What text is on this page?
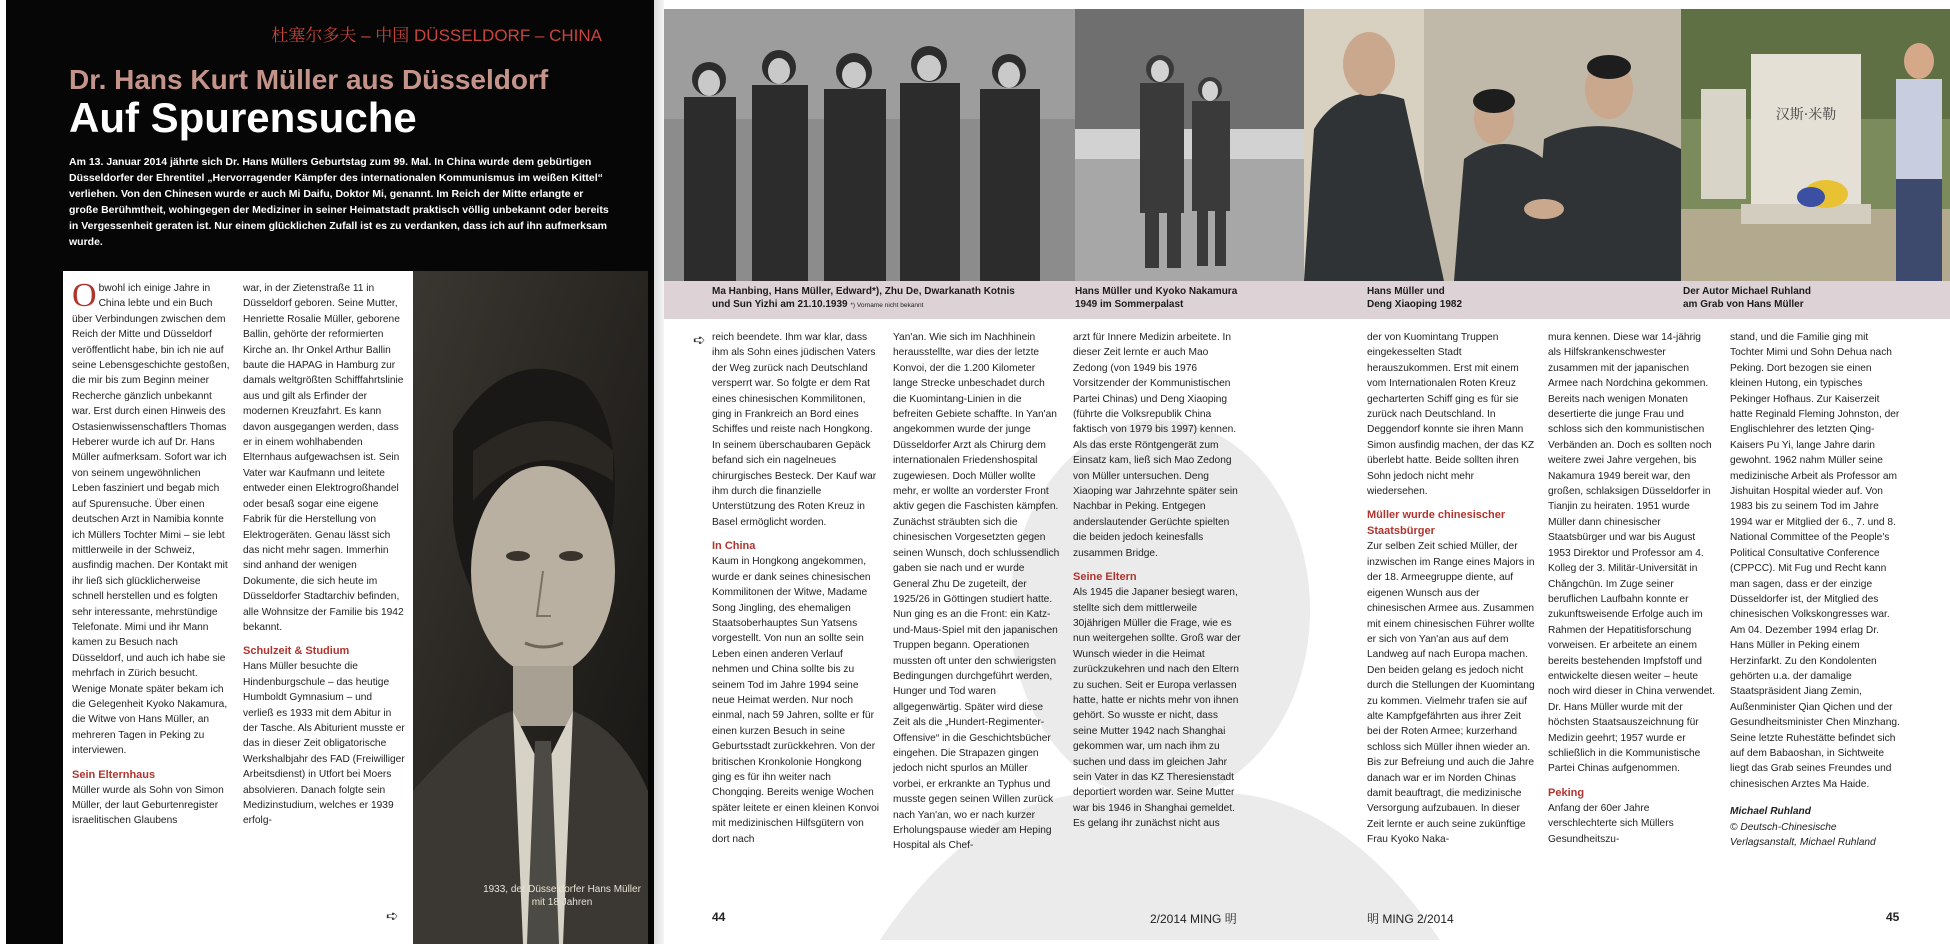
杜塞尔多夫 – 中国 DÜSSELDORF – CHINA
Dr. Hans Kurt Müller aus Düsseldorf
Auf Spurensuche
Am 13. Januar 2014 jährte sich Dr. Hans Müllers Geburtstag zum 99. Mal. In China wurde dem gebürtigen Düsseldorfer der Ehrentitel „Hervorragender Kämpfer des internationalen Kommunismus im weißen Kittel“ verliehen. Von den Chinesen wurde er auch Mi Daifu, Doktor Mi, genannt. Im Reich der Mitte erlangte er große Berühmtheit, wohingegen der Mediziner in seiner Heimatstadt praktisch völlig unbekannt oder bereits in Vergessenheit geraten ist. Nur einem glücklichen Zufall ist es zu verdanken, dass ich auf ihn aufmerksam wurde.

Obwohl ich einige Jahre in China lebte und ein Buch über Verbindungen zwischen dem Reich der Mitte und Düsseldorf veröffentlicht habe, bin ich nie auf seine Lebensgeschichte gestoßen, die mir bis zum Beginn meiner Recherche gänzlich unbekannt war. Erst durch einen Hinweis des Ostasienwissenschaftlers Thomas Heberer wurde ich auf Dr. Hans Müller aufmerksam. Sofort war ich von seinem ungewöhnlichen Leben fasziniert und begab mich auf Spurensuche. Über einen deutschen Arzt in Namibia konnte ich Müllers Tochter Mimi – sie lebt mittlerweile in der Schweiz, ausfindig machen. Der Kontakt mit ihr ließ sich glücklicherweise schnell herstellen und es folgten sehr interessante, mehrstündige Telefonate. Mimi und ihr Mann kamen zu Besuch nach Düsseldorf, und auch ich habe sie mehrfach in Zürich besucht. Wenige Monate später bekam ich die Gelegenheit Kyoko Nakamura, die Witwe von Hans Müller, an mehreren Tagen in Peking zu interviewen.

Sein Elternhaus

Müller wurde als Sohn von Simon Müller, der laut Geburtenregister israelitischen Glaubens

war, in der Zietenstraße 11 in Düsseldorf geboren. Seine Mutter, Henriette Rosalie Müller, geborene Ballin, gehörte der reformierten Kirche an. Ihr Onkel Arthur Ballin baute die HAPAG in Hamburg zur damals weltgrößten Schifffahrtslinie aus und gilt als Erfinder der modernen Kreuzfahrt. Es kann davon ausgegangen werden, dass er in einem wohlhabenden Elternhaus aufgewachsen ist. Sein Vater war Kaufmann und leitete entweder einen Elektrogroßhandel oder besaß sogar eine eigene Fabrik für die Herstellung von Elektrogeräten. Genau lässt sich das nicht mehr sagen. Immerhin sind anhand der wenigen Dokumente, die sich heute im Düsseldorfer Stadtarchiv befinden, alle Wohnsitze der Familie bis 1942 bekannt.

Schulzeit & Studium

Hans Müller besuchte die Hindenburgschule – das heutige Humboldt Gymnasium – und verließ es 1933 mit dem Abitur in der Tasche. Als Abiturient musste er das in dieser Zeit obligatorische Werkshalbjahr des FAD (Freiwilliger Arbeitsdienst) in Utfort bei Moers absolvieren. Danach folgte sein Medizinstudium, welches er 1939 erfolg-

➪
1933, der Düsseldorfer Hans Müller mit 18 Jahren
汉斯·米勒
Ma Hanbing, Hans Müller, Edward*), Zhu De, Dwarkanath Kotnis
und Sun Yizhi am 21.10.1939 *) Vorname nicht bekannt
Hans Müller und Kyoko Nakamura
1949 im Sommerpalast
Hans Müller und
Deng Xiaoping 1982
Der Autor Michael Ruhland
am Grab von Hans Müller
➪ reich beendete. Ihm war klar, dass ihm als Sohn eines jüdischen Vaters der Weg zurück nach Deutschland versperrt war. So folgte er dem Rat eines chinesischen Kommilitonen, ging in Frankreich an Bord eines Schiffes und reiste nach Hongkong. In seinem überschaubaren Gepäck befand sich ein nagelneues chirurgisches Besteck. Der Kauf war ihm durch die finanzielle Unterstützung des Roten Kreuz in Basel ermöglicht worden.

In China

Kaum in Hongkong angekommen, wurde er dank seines chinesischen Kommilitonen der Witwe, Madame Song Jingling, des ehemaligen Staatsoberhauptes Sun Yatsens vorgestellt. Von nun an sollte sein Leben einen anderen Verlauf nehmen und China sollte bis zu seinem Tod im Jahre 1994 seine neue Heimat werden. Nur noch einmal, nach 59 Jahren, sollte er für einen kurzen Besuch in seine Geburtsstadt zurückkehren. Von der britischen Kronkolonie Hongkong ging es für ihn weiter nach Chongqing. Bereits wenige Wochen später leitete er einen kleinen Konvoi mit medizinischen Hilfsgütern von dort nach

Yan'an. Wie sich im Nachhinein herausstellte, war dies der letzte Konvoi, der die 1.200 Kilometer lange Strecke unbeschadet durch die Kuomintang-Linien in die befreiten Gebiete schaffte. In Yan'an angekommen wurde der junge Düsseldorfer Arzt als Chirurg dem internationalen Friedenshospital zugewiesen. Doch Müller wollte mehr, er wollte an vorderster Front aktiv gegen die Faschisten kämpfen. Zunächst sträubten sich die chinesischen Vorgesetzten gegen seinen Wunsch, doch schlussendlich gaben sie nach und er wurde General Zhu De zugeteilt, der 1925/26 in Göttingen studiert hatte. Nun ging es an die Front: ein Katz-und-Maus-Spiel mit den japanischen Truppen begann. Operationen mussten oft unter den schwierigsten Bedingungen durchgeführt werden, Hunger und Tod waren allgegenwärtig. Später wird diese Zeit als die „Hundert-Regimenter-Offensive“ in die Geschichtsbücher eingehen. Die Strapazen gingen jedoch nicht spurlos an Müller vorbei, er erkrankte an Typhus und musste gegen seinen Willen zurück nach Yan'an, wo er nach kurzer Erholungspause wieder am Heping Hospital als Chef-

arzt für Innere Medizin arbeitete. In dieser Zeit lernte er auch Mao Zedong (von 1949 bis 1976 Vorsitzender der Kommunistischen Partei Chinas) und Deng Xiaoping (führte die Volksrepublik China faktisch von 1979 bis 1997) kennen. Als das erste Röntgengerät zum Einsatz kam, ließ sich Mao Zedong von Müller untersuchen. Deng Xiaoping war Jahrzehnte später sein Nachbar in Peking. Entgegen anderslautender Gerüchte spielten die beiden jedoch keinesfalls zusammen Bridge.

Seine Eltern

Als 1945 die Japaner besiegt waren, stellte sich dem mittlerweile 30jährigen Müller die Frage, wie es nun weitergehen sollte. Groß war der Wunsch wieder in die Heimat zurückzukehren und nach den Eltern zu suchen. Seit er Europa verlassen hatte, hatte er nichts mehr von ihnen gehört. So wusste er nicht, dass seine Mutter 1942 nach Shanghai gekommen war, um nach ihm zu suchen und dass im gleichen Jahr sein Vater in das KZ Theresienstadt deportiert worden war. Seine Mutter war bis 1946 in Shanghai gemeldet. Es gelang ihr zunächst nicht aus

der von Kuomintang Truppen eingekesselten Stadt herauszukommen. Erst mit einem vom Internationalen Roten Kreuz gecharterten Schiff ging es für sie zurück nach Deutschland. In Deggendorf konnte sie ihren Mann Simon ausfindig machen, der das KZ überlebt hatte. Beide sollten ihren Sohn jedoch nicht mehr wiedersehen.

Müller wurde chinesischer Staatsbürger

Zur selben Zeit schied Müller, der inzwischen im Range eines Majors in der 18. Armeegruppe diente, auf eigenen Wunsch aus der chinesischen Armee aus. Zusammen mit einem chinesischen Führer wollte er sich von Yan'an aus auf dem Landweg auf nach Europa machen. Den beiden gelang es jedoch nicht durch die Stellungen der Kuomintang zu kommen. Vielmehr trafen sie auf alte Kampfgefährten aus ihrer Zeit bei der Roten Armee; kurzerhand schloss sich Müller ihnen wieder an. Bis zur Befreiung und auch die Jahre danach war er im Norden Chinas damit beauftragt, die medizinische Versorgung aufzubauen. In dieser Zeit lernte er auch seine zukünftige Frau Kyoko Naka-

mura kennen. Diese war 14-jährig als Hilfskrankenschwester zusammen mit der japanischen Armee nach Nordchina gekommen. Bereits nach wenigen Monaten desertierte die junge Frau und schloss sich den kommunistischen Verbänden an. Doch es sollten noch weitere zwei Jahre vergehen, bis Nakamura 1949 bereit war, den großen, schlaksigen Düsseldorfer in Tianjin zu heiraten. 1951 wurde Müller dann chinesischer Staatsbürger und war bis August 1953 Direktor und Professor am 4. Kolleg der 3. Militär-Universität in Chǎngchūn. Im Zuge seiner beruflichen Laufbahn konnte er zukunftsweisende Erfolge auch im Rahmen der Hepatitisforschung vorweisen. Er arbeitete an einem bereits bestehenden Impfstoff und entwickelte diesen weiter – heute noch wird dieser in China verwendet. Dr. Hans Müller wurde mit der höchsten Staatsauszeichnung für Medizin geehrt; 1957 wurde er schließlich in die Kommunistische Partei Chinas aufgenommen.

Peking

Anfang der 60er Jahre verschlechterte sich Müllers Gesundheitszu-

stand, und die Familie ging mit Tochter Mimi und Sohn Dehua nach Peking. Dort bezogen sie einen kleinen Hutong, ein typisches Pekinger Hofhaus. Zur Kaiserzeit hatte Reginald Fleming Johnston, der Englischlehrer des letzten Qing-Kaisers Pu Yi, lange Jahre darin gewohnt. 1962 nahm Müller seine medizinische Arbeit als Professor am Jishuitan Hospital wieder auf. Von 1983 bis zu seinem Tod im Jahre 1994 war er Mitglied der 6., 7. und 8. National Committee of the People's Political Consultative Conference (CPPCC). Mit Fug und Recht kann man sagen, dass er der einzige Düsseldorfer ist, der Mitglied des chinesischen Volkskongresses war. Am 04. Dezember 1994 erlag Dr. Hans Müller in Peking einem Herzinfarkt. Zu den Kondolenten gehörten u.a. der damalige Staatspräsident Jiang Zemin, Außenminister Qian Qichen und der Gesundheitsminister Chen Minzhang. Seine letzte Ruhestätte befindet sich auf dem Babaoshan, in Sichtweite liegt das Grab seines Freundes und chinesischen Arztes Ma Haide.

Michael Ruhland

© Deutsch-Chinesische Verlagsanstalt, Michael Ruhland

44	2/2014 MING 明	明 MING 2/2014	45
